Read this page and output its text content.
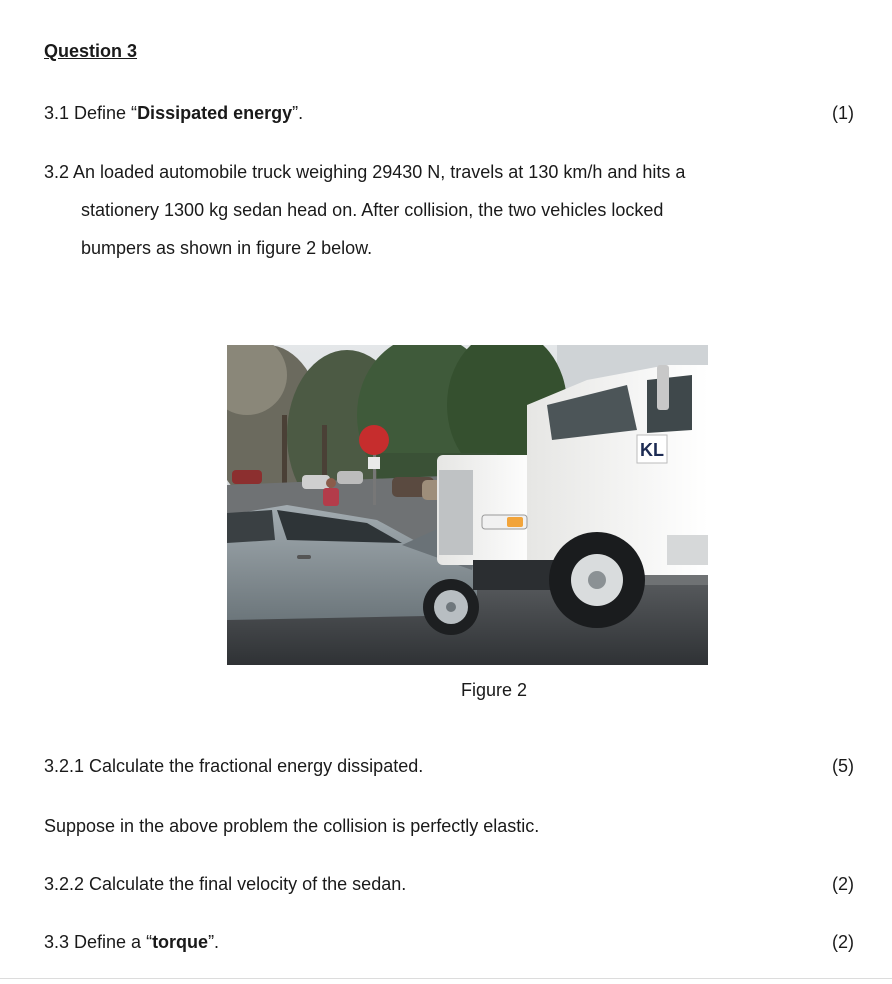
Question 3
3.1 Define “Dissipated energy”.	(1)
3.2 An loaded automobile truck weighing 29430 N, travels at 130 km/h and hits a
stationery 1300 kg sedan head on. After collision, the two vehicles locked
bumpers as shown in figure 2 below.
KL
Figure 2
3.2.1 Calculate the fractional energy dissipated.	(5)
Suppose in the above problem the collision is perfectly elastic.
3.2.2 Calculate the final velocity of the sedan.	(2)
3.3 Define a “torque”.	(2)
